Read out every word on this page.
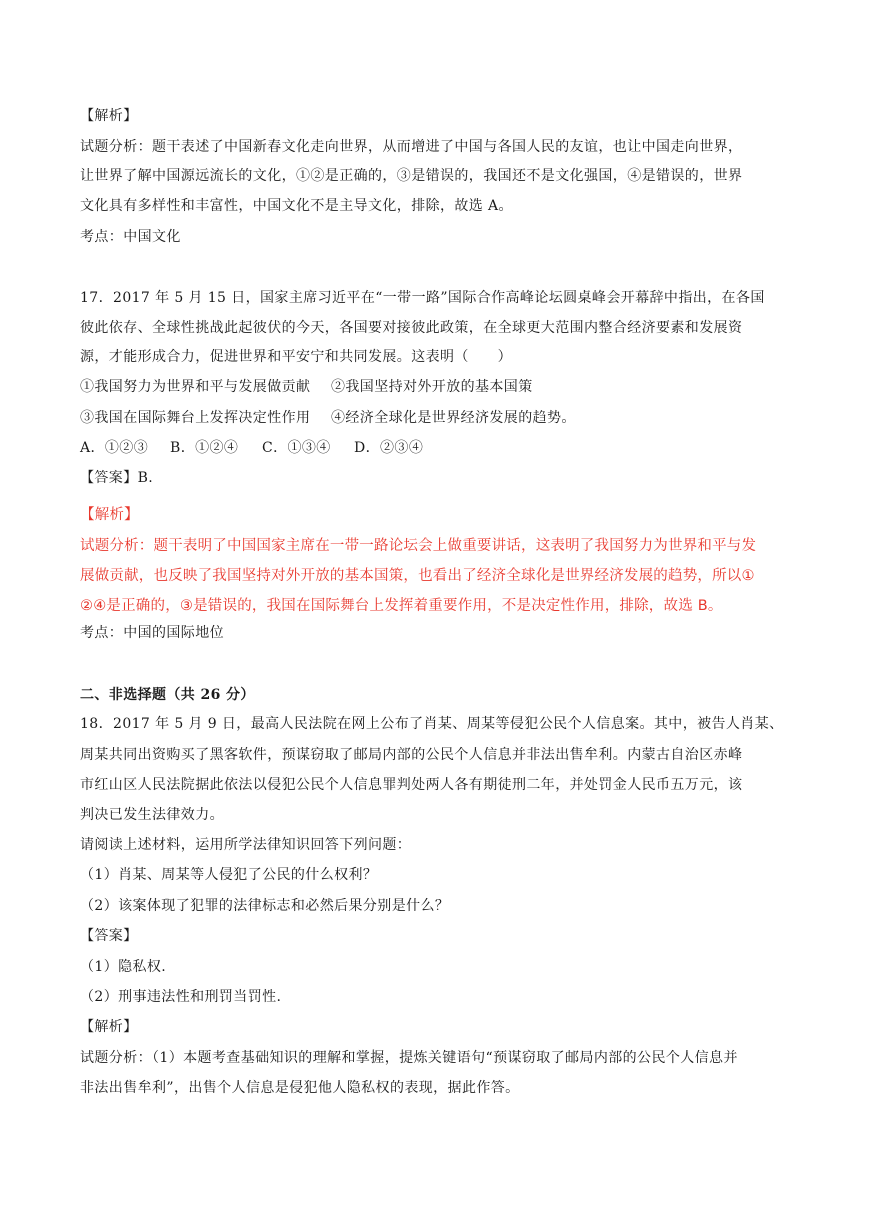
【解析】
试题分析：题干表述了中国新春文化走向世界，从而增进了中国与各国人民的友谊，也让中国走向世界，
让世界了解中国源远流长的文化，①②是正确的，③是错误的，我国还不是文化强国，④是错误的，世界
文化具有多样性和丰富性，中国文化不是主导文化，排除，故选 A。
考点：中国文化
17．2017 年 5 月 15 日，国家主席习近平在“一带一路”国际合作高峰论坛圆桌峰会开幕辞中指出，在各国
彼此依存、全球性挑战此起彼伏的今天，各国要对接彼此政策，在全球更大范围内整合经济要素和发展资
源，才能形成合力，促进世界和平安宁和共同发展。这表明（　　）
①我国努力为世界和平与发展做贡献 ②我国坚持对外开放的基本国策
③我国在国际舞台上发挥决定性作用 ④经济全球化是世界经济发展的趋势。
A．①②③ B．①②④ C．①③④ D．②③④
【答案】B.
【解析】
试题分析：题干表明了中国国家主席在一带一路论坛会上做重要讲话，这表明了我国努力为世界和平与发
展做贡献，也反映了我国坚持对外开放的基本国策，也看出了经济全球化是世界经济发展的趋势，所以①
②④是正确的，③是错误的，我国在国际舞台上发挥着重要作用，不是决定性作用，排除，故选 B。
考点：中国的国际地位
二、非选择题（共 26 分）
18．2017 年 5 月 9 日，最高人民法院在网上公布了肖某、周某等侵犯公民个人信息案。其中，被告人肖某、
周某共同出资购买了黑客软件，预谋窃取了邮局内部的公民个人信息并非法出售牟利。内蒙古自治区赤峰
市红山区人民法院据此依法以侵犯公民个人信息罪判处两人各有期徒刑二年，并处罚金人民币五万元，该
判决已发生法律效力。
请阅读上述材料，运用所学法律知识回答下列问题：
（1）肖某、周某等人侵犯了公民的什么权利？
（2）该案体现了犯罪的法律标志和必然后果分别是什么？
【答案】
（1）隐私权.
（2）刑事违法性和刑罚当罚性.
【解析】
试题分析：（1）本题考查基础知识的理解和掌握，提炼关键语句“预谋窃取了邮局内部的公民个人信息并
非法出售牟利”，出售个人信息是侵犯他人隐私权的表现，据此作答。
